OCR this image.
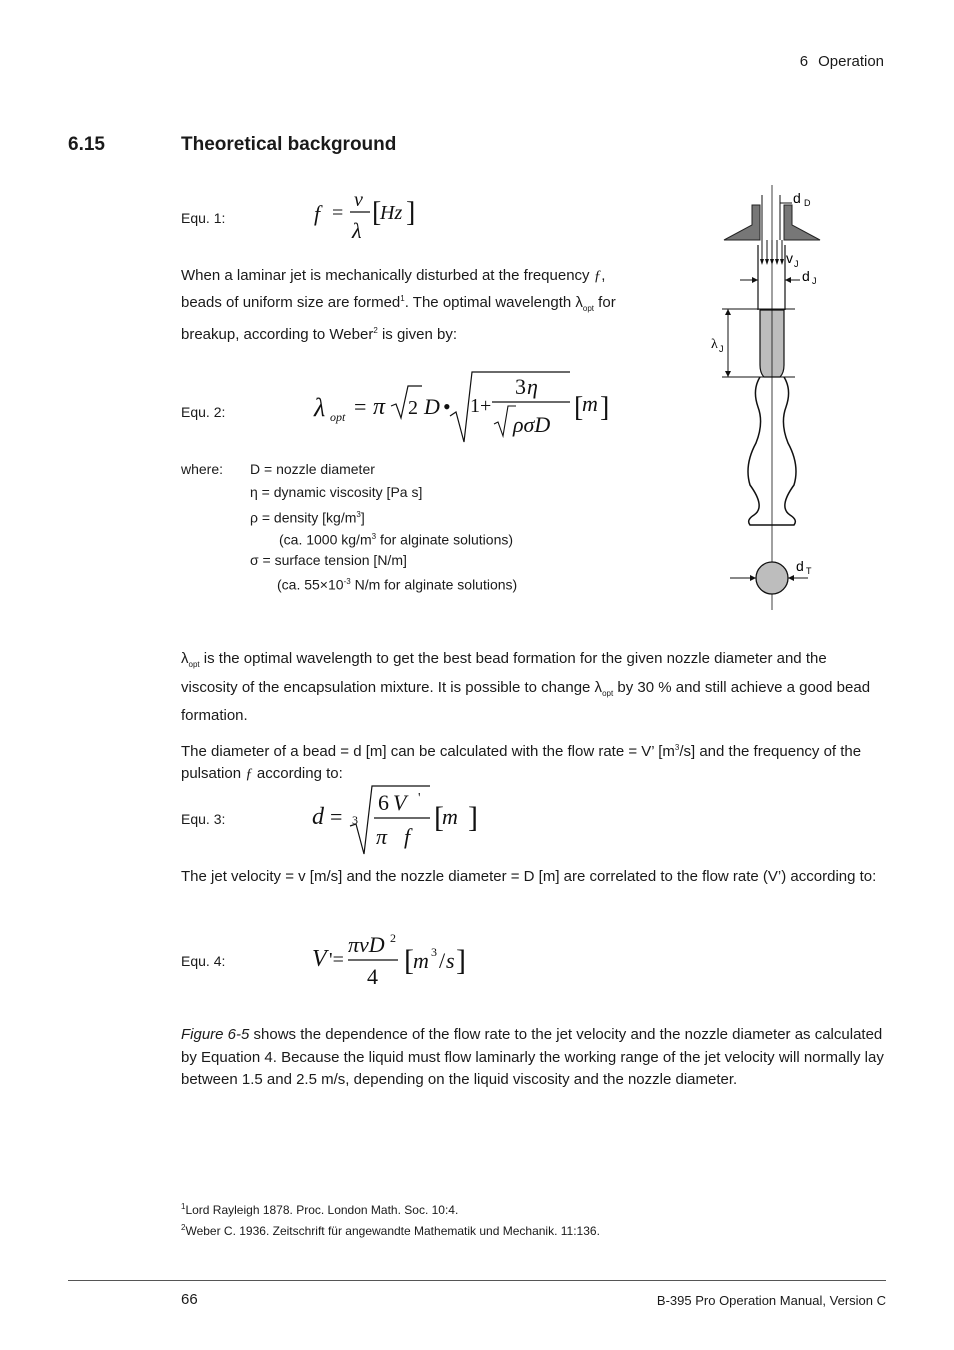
6 Operation
6.15	Theoretical background
Equ. 1:	f =
v
λ
[
Hz ]
When a laminar jet is mechanically disturbed at the frequency ƒ,
beads of uniform size are formed$^1$. The optimal wavelength $\lambda_{opt}$ for
breakup, according to Weber$^2$ is given by:
Equ. 2:	λ opt = π 2 D • 1+
3 η
ρσD
[
m ]
where: D = nozzle diameter
η = dynamic viscosity [Pa s]
ρ = density $[kg/m^3]$
(ca. 1000 $kg/m^3$ for alginate solutions)
σ = surface tension [N/m]
(ca. $55\times 10^{-3}$ N/m for alginate solutions)
d D
v J
d J
λ J
d T

$\lambda_{opt}$ is the optimal wavelength to get the best bead formation for the given nozzle diameter and the viscosity of the encapsulation mixture. It is possible to change $\lambda_{opt}$ by 30 % and still achieve a good bead formation.

The diameter of a bead = d [m] can be calculated with the flow rate = V’ $[m^3/s]$ and the frequency of the pulsation ƒ according to:

Equ. 3:	d = 3
6 V '
π f
[
m ]
The jet velocity = v [m/s] and the nozzle diameter = D [m] are correlated to the flow rate (V’) according to:
Equ. 4:	V '=
πvD 2
4 [ m 3 / s ]
Figure 6-5 shows the dependence of the flow rate to the jet velocity and the nozzle diameter as calculated by Equation 4. Because the liquid must flow laminarly the working range of the jet velocity will normally lay between 1.5 and 2.5 m/s, depending on the liquid viscosity and the nozzle diameter.
$^1$Lord Rayleigh 1878. Proc. London Math. Soc. 10:4.
$^2$Weber C. 1936. Zeitschrift für angewandte Mathematik und Mechanik. 11:136.
66	B-395 Pro Operation Manual, Version C
